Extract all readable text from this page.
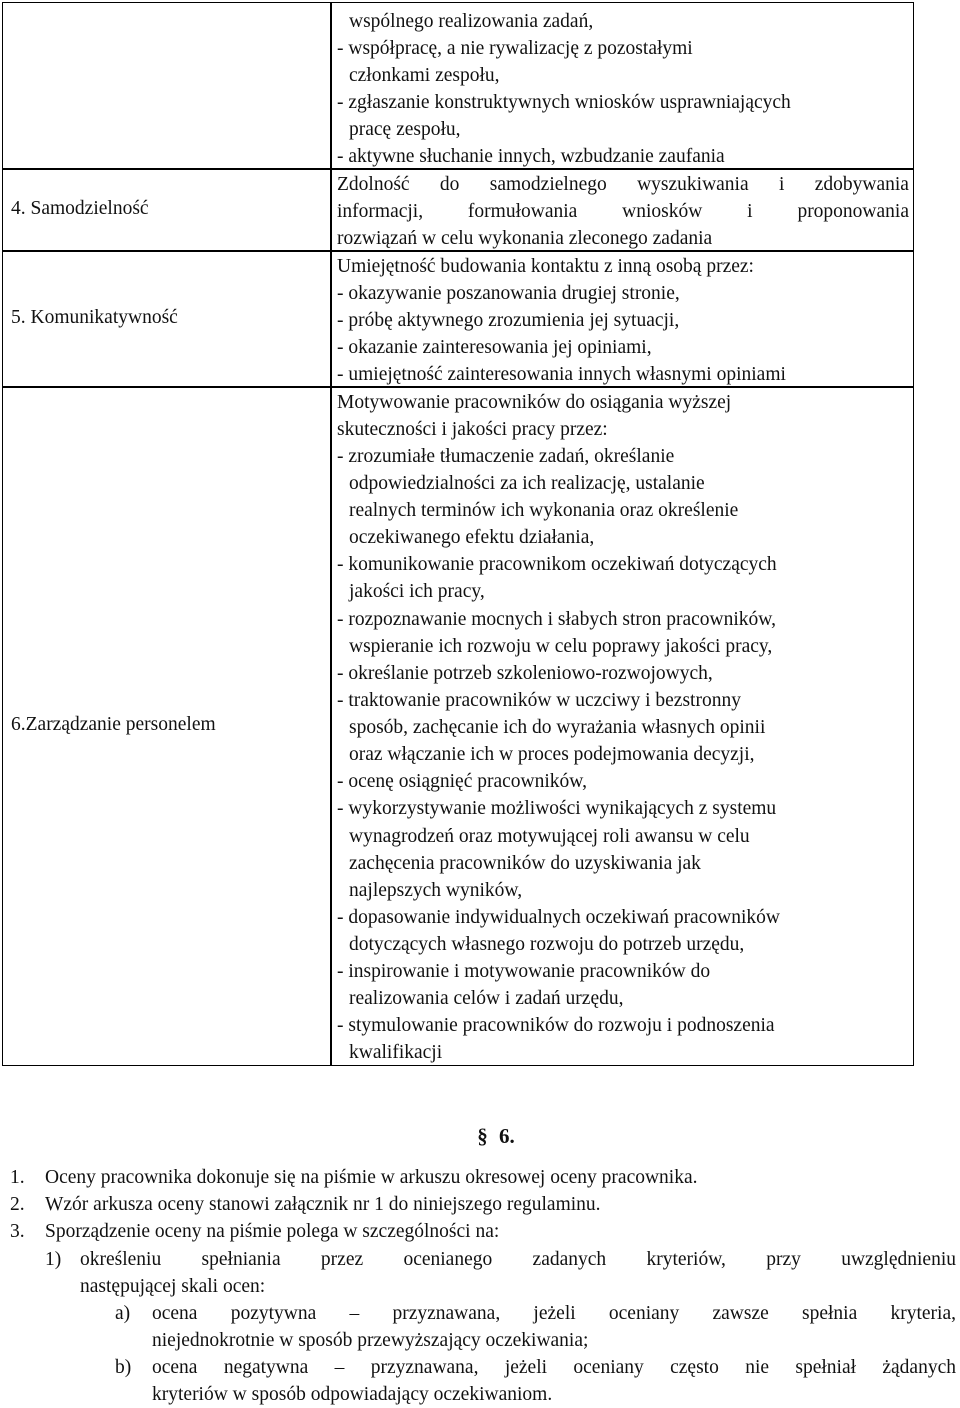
4. Samodzielność
5. Komunikatywność
6.Zarządzanie personelem
wspólnego realizowania zadań,
- współpracę, a nie rywalizację z pozostałymi
członkami zespołu,
- zgłaszanie konstruktywnych wniosków usprawniających
pracę zespołu,
- aktywne słuchanie innych, wzbudzanie zaufania
Zdolność do samodzielnego wyszukiwania i zdobywania
informacji, formułowania wniosków i proponowania
rozwiązań w celu wykonania zleconego zadania
Umiejętność budowania kontaktu z inną osobą przez:
- okazywanie poszanowania drugiej stronie,
- próbę aktywnego zrozumienia jej sytuacji,
- okazanie zainteresowania jej opiniami,
- umiejętność zainteresowania innych własnymi opiniami
Motywowanie pracowników do osiągania wyższej
skuteczności i jakości pracy przez:
- zrozumiałe tłumaczenie zadań, określanie
odpowiedzialności za ich realizację, ustalanie
realnych terminów ich wykonania oraz określenie
oczekiwanego efektu działania,
- komunikowanie pracownikom oczekiwań dotyczących
jakości ich pracy,
- rozpoznawanie mocnych i słabych stron pracowników,
wspieranie ich rozwoju w celu poprawy jakości pracy,
- określanie potrzeb szkoleniowo-rozwojowych,
- traktowanie pracowników w uczciwy i bezstronny
sposób, zachęcanie ich do wyrażania własnych opinii
oraz włączanie ich w proces podejmowania decyzji,
- ocenę osiągnięć pracowników,
- wykorzystywanie możliwości wynikających z systemu
wynagrodzeń oraz motywującej roli awansu w celu
zachęcenia pracowników do uzyskiwania jak
najlepszych wyników,
- dopasowanie indywidualnych oczekiwań pracowników
dotyczących własnego rozwoju do potrzeb urzędu,
- inspirowanie i motywowanie pracowników do
realizowania celów i zadań urzędu,
- stymulowanie pracowników do rozwoju i podnoszenia
kwalifikacji
§ 6.
1. Oceny pracownika dokonuje się na piśmie w arkuszu okresowej oceny pracownika.
2. Wzór arkusza oceny stanowi załącznik nr 1 do niniejszego regulaminu.
3. Sporządzenie oceny na piśmie polega w szczególności na:
1) określeniu spełniania przez ocenianego zadanych kryteriów, przy uwzględnieniu
następującej skali ocen:
a) ocena pozytywna – przyznawana, jeżeli oceniany zawsze spełnia kryteria,
niejednokrotnie w sposób przewyższający oczekiwania;
b) ocena negatywna – przyznawana, jeżeli oceniany często nie spełniał żądanych
kryteriów w sposób odpowiadający oczekiwaniom.
